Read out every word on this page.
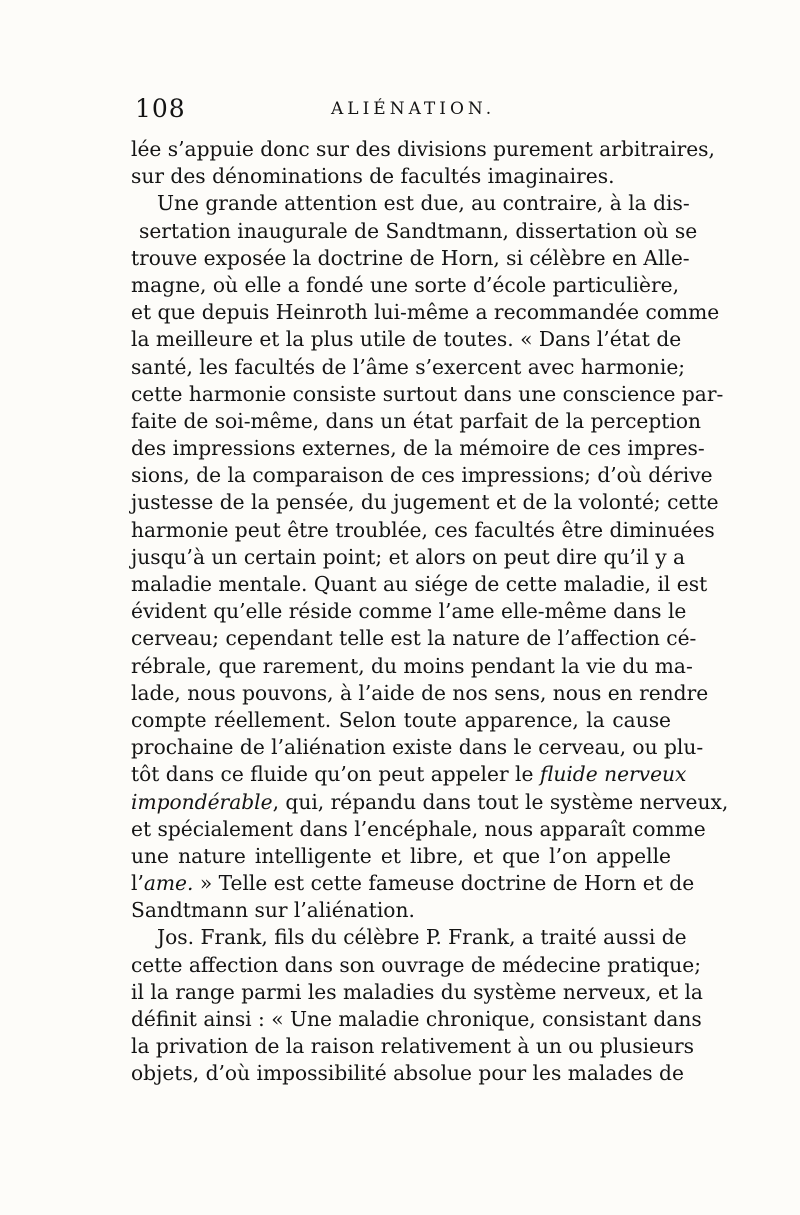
108	ALIÉNATION.
lée s’appuie donc sur des divisions purement arbitraires,
sur des dénominations de facultés imaginaires.
Une grande attention est due, au contraire, à la dis-
sertation inaugurale de Sandtmann, dissertation où se
trouve exposée la doctrine de Horn, si célèbre en Alle-
magne, où elle a fondé une sorte d’école particulière,
et que depuis Heinroth lui-même a recommandée comme
la meilleure et la plus utile de toutes. « Dans l’état de
santé, les facultés de l’âme s’exercent avec harmonie;
cette harmonie consiste surtout dans une conscience par-
faite de soi-même, dans un état parfait de la perception
des impressions externes, de la mémoire de ces impres-
sions, de la comparaison de ces impressions; d’où dérive
justesse de la pensée, du jugement et de la volonté; cette
harmonie peut être troublée, ces facultés être diminuées
jusqu’à un certain point; et alors on peut dire qu’il y a
maladie mentale. Quant au siége de cette maladie, il est
évident qu’elle réside comme l’ame elle-même dans le
cerveau; cependant telle est la nature de l’affection cé-
rébrale, que rarement, du moins pendant la vie du ma-
lade, nous pouvons, à l’aide de nos sens, nous en rendre
compte réellement. Selon toute apparence, la cause
prochaine de l’aliénation existe dans le cerveau, ou plu-
tôt dans ce fluide qu’on peut appeler le fluide nerveux
impondérable, qui, répandu dans tout le système nerveux,
et spécialement dans l’encéphale, nous apparaît comme
une nature intelligente et libre, et que l’on appelle
l’ame. » Telle est cette fameuse doctrine de Horn et de
Sandtmann sur l’aliénation.
Jos. Frank, fils du célèbre P. Frank, a traité aussi de
cette affection dans son ouvrage de médecine pratique;
il la range parmi les maladies du système nerveux, et la
définit ainsi : « Une maladie chronique, consistant dans
la privation de la raison relativement à un ou plusieurs
objets, d’où impossibilité absolue pour les malades de
